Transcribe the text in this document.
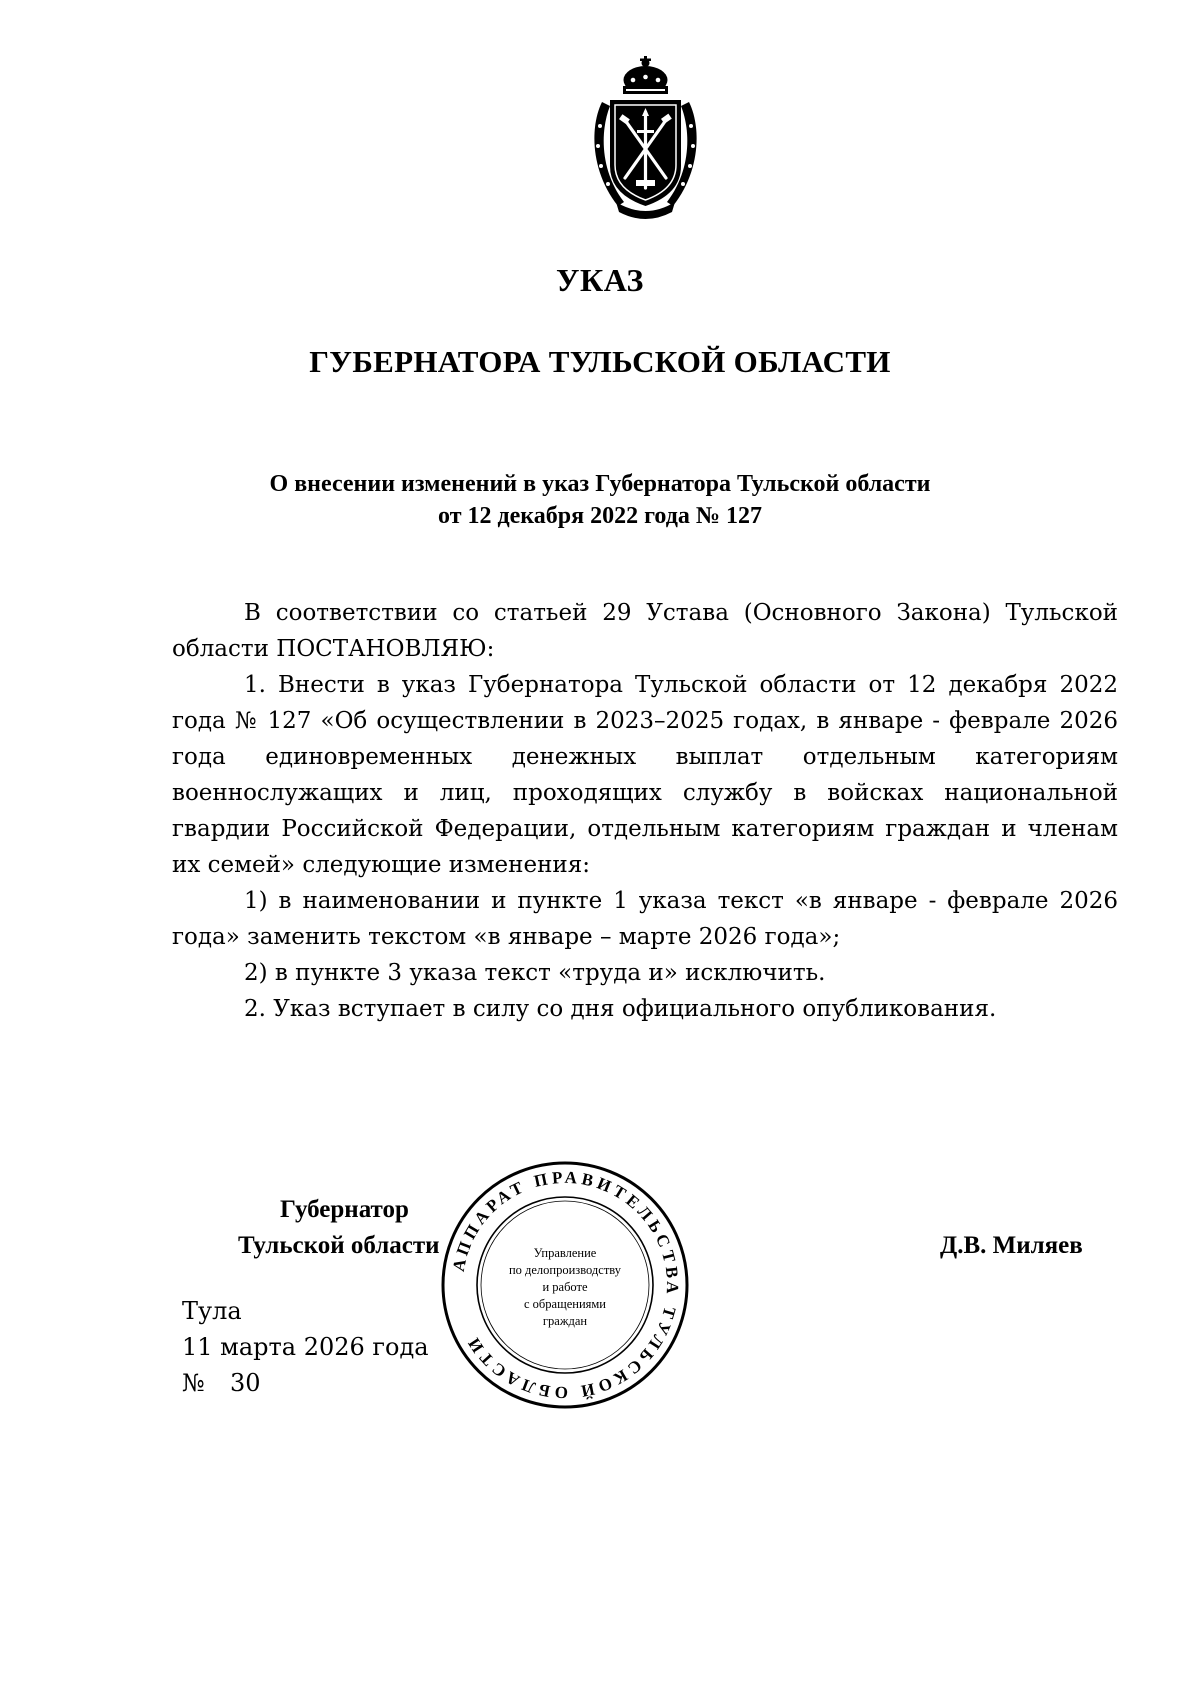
УКАЗ
ГУБЕРНАТОРА ТУЛЬСКОЙ ОБЛАСТИ

О внесении изменений в указ Губернатора Тульской области

от 12 декабря 2022 года № 127

В соответствии со статьей 29 Устава (Основного Закона) Тульской области ПОСТАНОВЛЯЮ:

1. Внести в указ Губернатора Тульской области от 12 декабря 2022 года № 127 «Об осуществлении в 2023–2025 годах, в январе - феврале 2026 года единовременных денежных выплат отдельным категориям военнослужащих и лиц, проходящих службу в войсках национальной гвардии Российской Федерации, отдельным категориям граждан и членам их семей» следующие изменения:

1) в наименовании и пункте 1 указа текст «в январе - феврале 2026 года» заменить текстом «в январе – марте 2026 года»;

2) в пункте 3 указа текст «труда и» исключить.

2. Указ вступает в силу со дня официального опубликования.

Губернатор

Тульской области	Д.В. Миляев

Тула

11 марта 2026 года

№ 30

АППАРАТ ПРАВИТЕЛЬСТВА ТУЛЬСКОЙ ОБЛАСТИ
Управление
по делопроизводству
и работе
с обращениями
граждан
